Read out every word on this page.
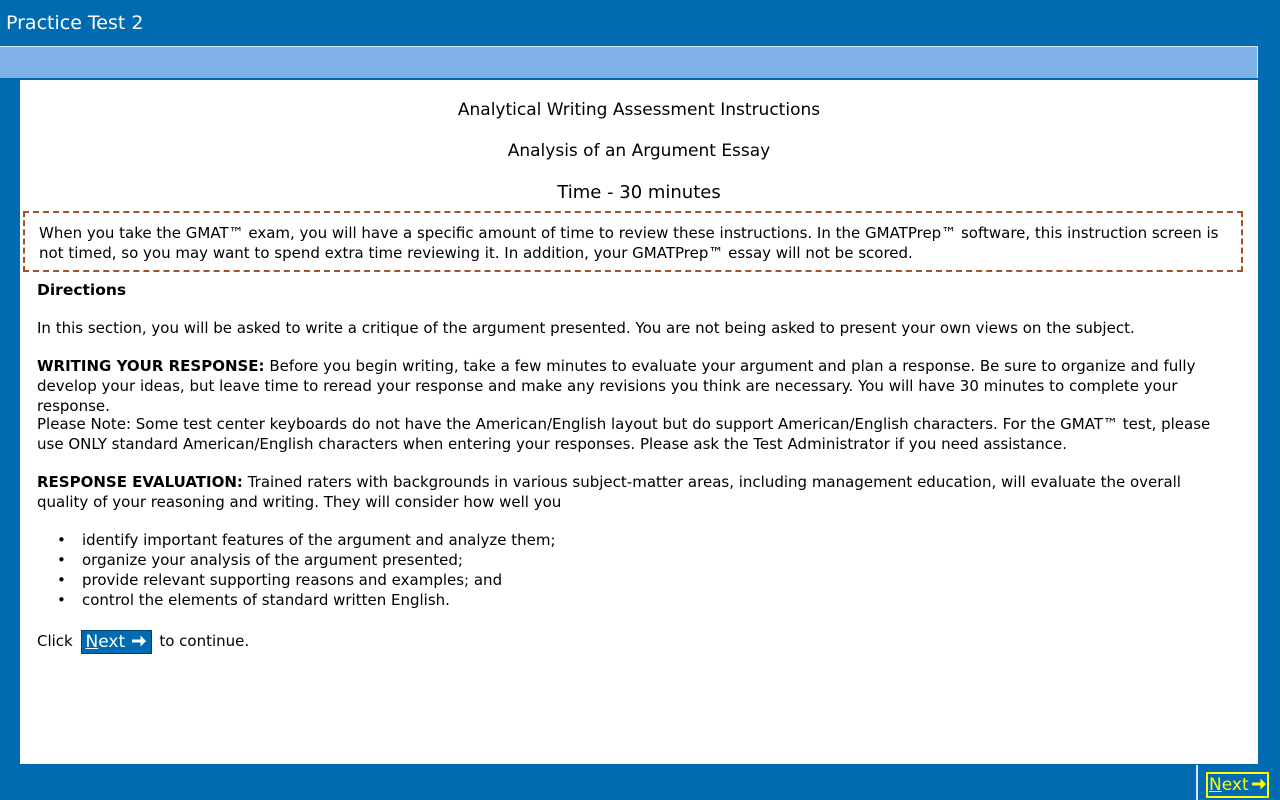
Practice Test 2
Analytical Writing Assessment Instructions
Analysis of an Argument Essay
Time - 30 minutes
When you take the GMAT™ exam, you will have a specific amount of time to review these instructions. In the GMATPrep™ software, this instruction screen is not timed, so you may want to spend extra time reviewing it. In addition, your GMATPrep™ essay will not be scored.
Directions
In this section, you will be asked to write a critique of the argument presented. You are not being asked to present your own views on the subject.
WRITING YOUR RESPONSE: Before you begin writing, take a few minutes to evaluate your argument and plan a response. Be sure to organize and fully develop your ideas, but leave time to reread your response and make any revisions you think are necessary. You will have 30 minutes to complete your response.
Please Note: Some test center keyboards do not have the American/English layout but do support American/English characters. For the GMAT™ test, please use ONLY standard American/English characters when entering your responses. Please ask the Test Administrator if you need assistance.
RESPONSE EVALUATION: Trained raters with backgrounds in various subject-matter areas, including management education, will evaluate the overall quality of your reasoning and writing. They will consider how well you
• identify important features of the argument and analyze them;
• organize your analysis of the argument presented;
• provide relevant supporting reasons and examples; and
• control the elements of standard written English.
Click Next to continue.
Next
